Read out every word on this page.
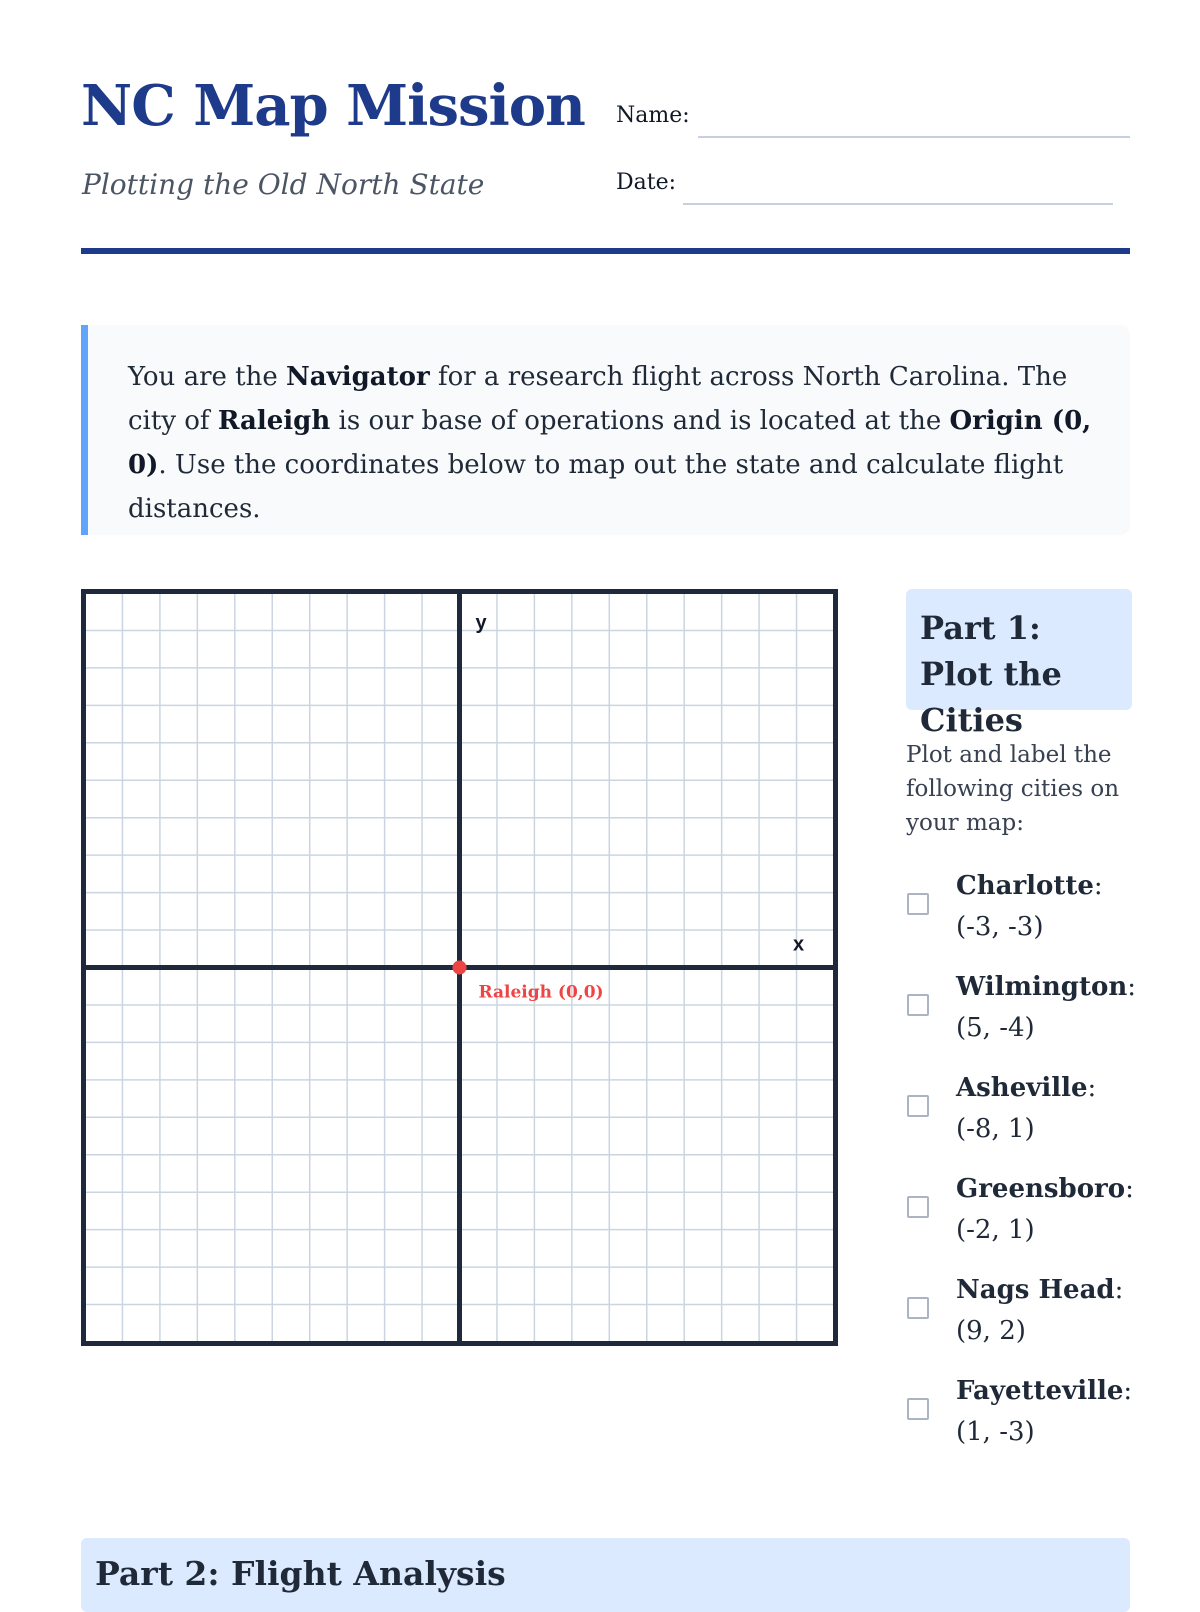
NC Map Mission
Plotting the Old North State
Name:
Date:

You are the Navigator for a research flight across North Carolina. The city of Raleigh is our base of operations and is located at the Origin (0, 0). Use the coordinates below to map out the state and calculate flight distances.

y
x
Raleigh (0,0)
Part 1: Plot the Cities

Plot and label the following cities on your map:

Charlotte: (-3, -3)
Wilmington: (5, -4)
Asheville: (-8, 1)
Greensboro: (-2, 1)
Nags Head: (9, 2)
Fayetteville: (1, -3)
Part 2: Flight Analysis
